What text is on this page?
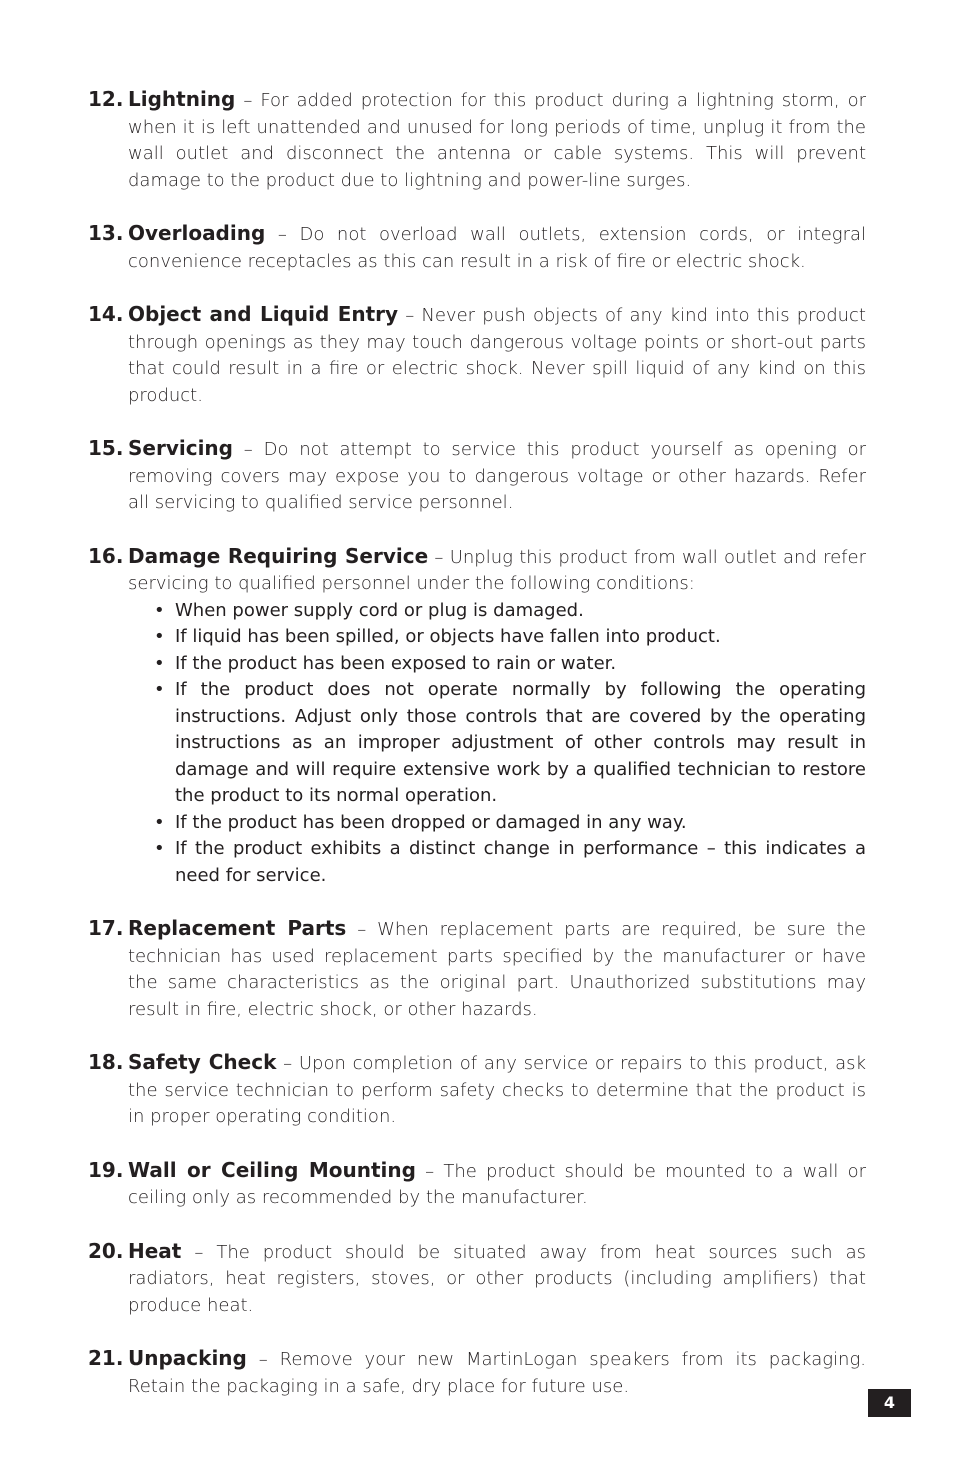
12. Lightning – For added protection for this product during a lightning storm, or when it is left unattended and unused for long periods of time, unplug it from the wall outlet and disconnect the antenna or cable systems. This will prevent damage to the product due to lightning and power-line surges.
13. Overloading – Do not overload wall outlets, extension cords, or integral convenience receptacles as this can result in a risk of fire or electric shock.
14. Object and Liquid Entry – Never push objects of any kind into this product through openings as they may touch dangerous voltage points or short-out parts that could result in a fire or electric shock. Never spill liquid of any kind on this product.
15. Servicing – Do not attempt to service this product yourself as opening or removing covers may expose you to dangerous voltage or other hazards. Refer all servicing to qualified service personnel.
16. Damage Requiring Service – Unplug this product from wall outlet and refer servicing to qualified personnel under the following conditions:
• When power supply cord or plug is damaged.
• If liquid has been spilled, or objects have fallen into product.
• If the product has been exposed to rain or water.
• If the product does not operate normally by following the operating instructions. Adjust only those controls that are covered by the operating instructions as an improper adjustment of other controls may result in damage and will require extensive work by a qualified technician to restore the product to its normal operation.
• If the product has been dropped or damaged in any way.
• If the product exhibits a distinct change in performance – this indicates a need for service.
17. Replacement Parts – When replacement parts are required, be sure the technician has used replacement parts specified by the manufacturer or have the same characteristics as the original part. Unauthorized substitutions may result in fire, electric shock, or other hazards.
18. Safety Check – Upon completion of any service or repairs to this product, ask the service technician to perform safety checks to determine that the product is in proper operating condition.
19. Wall or Ceiling Mounting – The product should be mounted to a wall or ceiling only as recommended by the manufacturer.
20. Heat – The product should be situated away from heat sources such as radiators, heat registers, stoves, or other products (including amplifiers) that produce heat.
21. Unpacking – Remove your new MartinLogan speakers from its packaging. Retain the packaging in a safe, dry place for future use.
4
